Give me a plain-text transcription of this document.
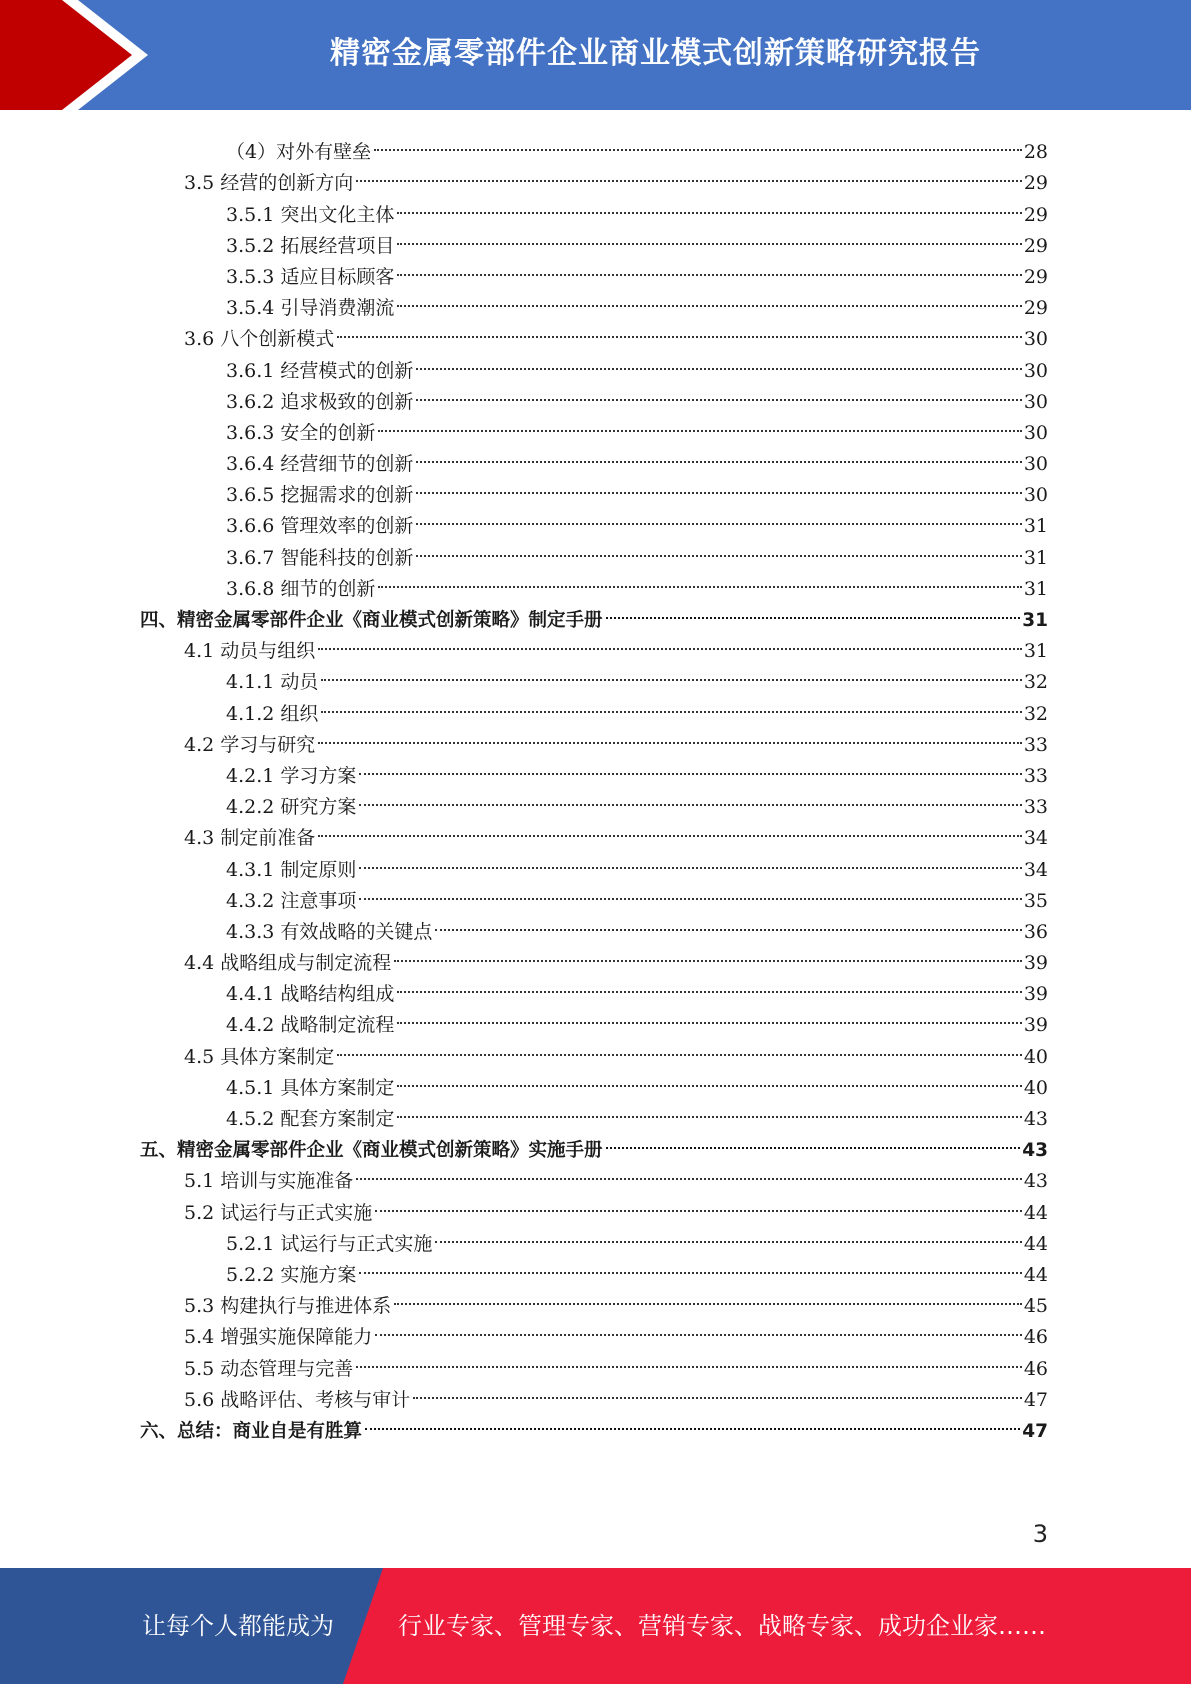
精密金属零部件企业商业模式创新策略研究报告
（4）对外有壁垒	28
3.5 经营的创新方向	29
3.5.1 突出文化主体	29
3.5.2 拓展经营项目	29
3.5.3 适应目标顾客	29
3.5.4 引导消费潮流	29
3.6 八个创新模式	30
3.6.1 经营模式的创新	30
3.6.2 追求极致的创新	30
3.6.3 安全的创新	30
3.6.4 经营细节的创新	30
3.6.5 挖掘需求的创新	30
3.6.6 管理效率的创新	31
3.6.7 智能科技的创新	31
3.6.8 细节的创新	31
四、精密金属零部件企业《商业模式创新策略》制定手册	31
4.1 动员与组织	31
4.1.1 动员	32
4.1.2 组织	32
4.2 学习与研究	33
4.2.1 学习方案	33
4.2.2 研究方案	33
4.3 制定前准备	34
4.3.1 制定原则	34
4.3.2 注意事项	35
4.3.3 有效战略的关键点	36
4.4 战略组成与制定流程	39
4.4.1 战略结构组成	39
4.4.2 战略制定流程	39
4.5 具体方案制定	40
4.5.1 具体方案制定	40
4.5.2 配套方案制定	43
五、精密金属零部件企业《商业模式创新策略》实施手册	43
5.1 培训与实施准备	43
5.2 试运行与正式实施	44
5.2.1 试运行与正式实施	44
5.2.2 实施方案	44
5.3 构建执行与推进体系	45
5.4 增强实施保障能力	46
5.5 动态管理与完善	46
5.6 战略评估、考核与审计	47
六、总结：商业自是有胜算	47
3
让每个人都能成为	行业专家、管理专家、营销专家、战略专家、成功企业家……
